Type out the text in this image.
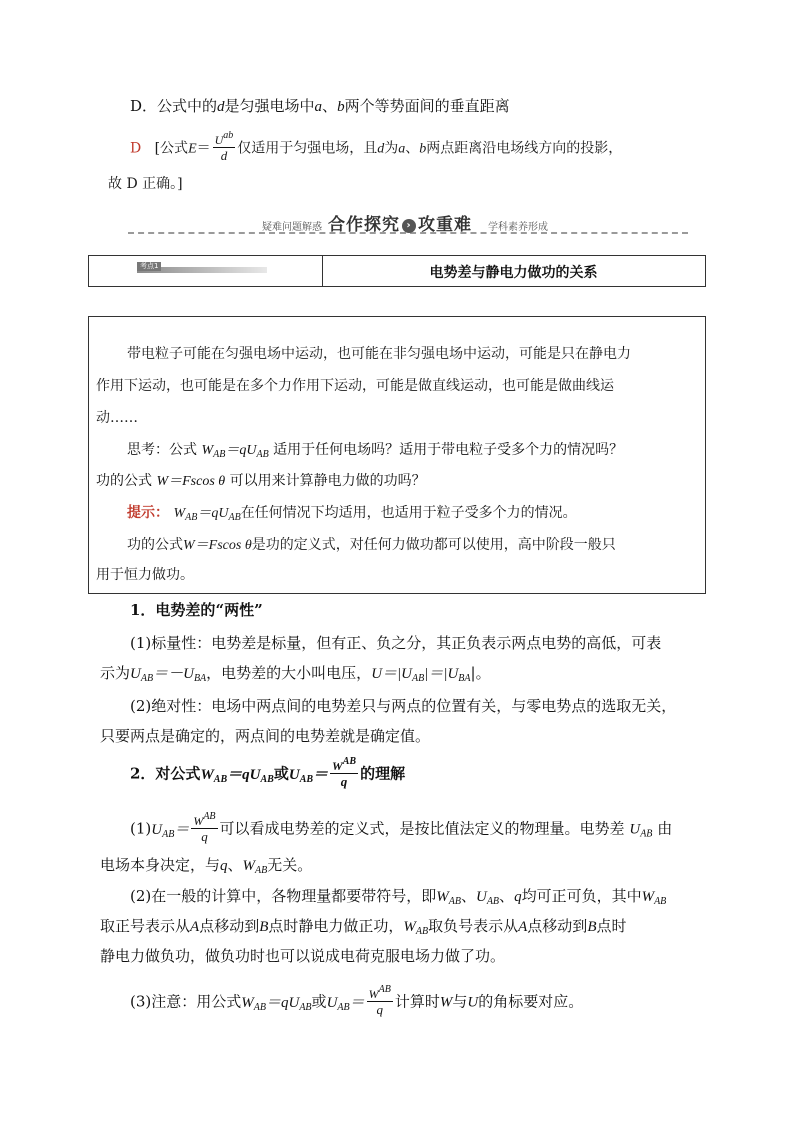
D．公式中的d是匀强电场中a、b两个等势面间的垂直距离
D [公式$E= \frac{U^{ab}}{d}$ 仅适用于匀强电场，且d为a、b两点距离沿电场线方向的投影，
故 D 正确。]
疑难问题解惑 合作探究 › 攻重难 学科素养形成
考点1	电势差与静电力做功的关系
带电粒子可能在匀强电场中运动，也可能在非匀强电场中运动，可能是只在静电力
作用下运动，也可能是在多个力作用下运动，可能是做直线运动，也可能是做曲线运
动……
思考：公式 $W_{AB}=qU_{AB}$ 适用于任何电场吗？适用于带电粒子受多个力的情况吗？
功的公式 W＝Fscos θ 可以用来计算静电力做的功吗？
提示： $W_{AB}=qU_{AB}$在任何情况下均适用，也适用于粒子受多个力的情况。
功的公式W＝Fscos θ是功的定义式，对任何力做功都可以使用，高中阶段一般只
用于恒力做功。
1．电势差的“两性”
(1)标量性：电势差是标量，但有正、负之分，其正负表示两点电势的高低，可表
示为$U_{AB}=-U_{BA}$，电势差的大小叫电压，$U=|U_{AB}|=|U_{BA}|$。
(2)绝对性：电场中两点间的电势差只与两点的位置有关，与零电势点的选取无关，
只要两点是确定的，两点间的电势差就是确定值。
2．对公式$W_{AB}=qU_{AB}$或$U_{AB}= \frac{W^{AB}}{q}$ 的理解
$(1)U_{AB}= \frac{W^{AB}}{q}$ 可以看成电势差的定义式，是按比值法定义的物理量。电势差 $U_{AB}$ 由
电场本身决定，与q、$W_{AB}$无关。
(2)在一般的计算中，各物理量都要带符号，即$W_{AB}$、$U_{AB}$、q均可正可负，其中$W_{AB}$
取正号表示从A点移动到B点时静电力做正功，$W_{AB}$取负号表示从A点移动到B点时
静电力做负功，做负功时也可以说成电荷克服电场力做了功。
(3)注意：用公式$W_{AB}=qU_{AB}$或$U_{AB}= \frac{W^{AB}}{q}$ 计算时W与U的角标要对应。
